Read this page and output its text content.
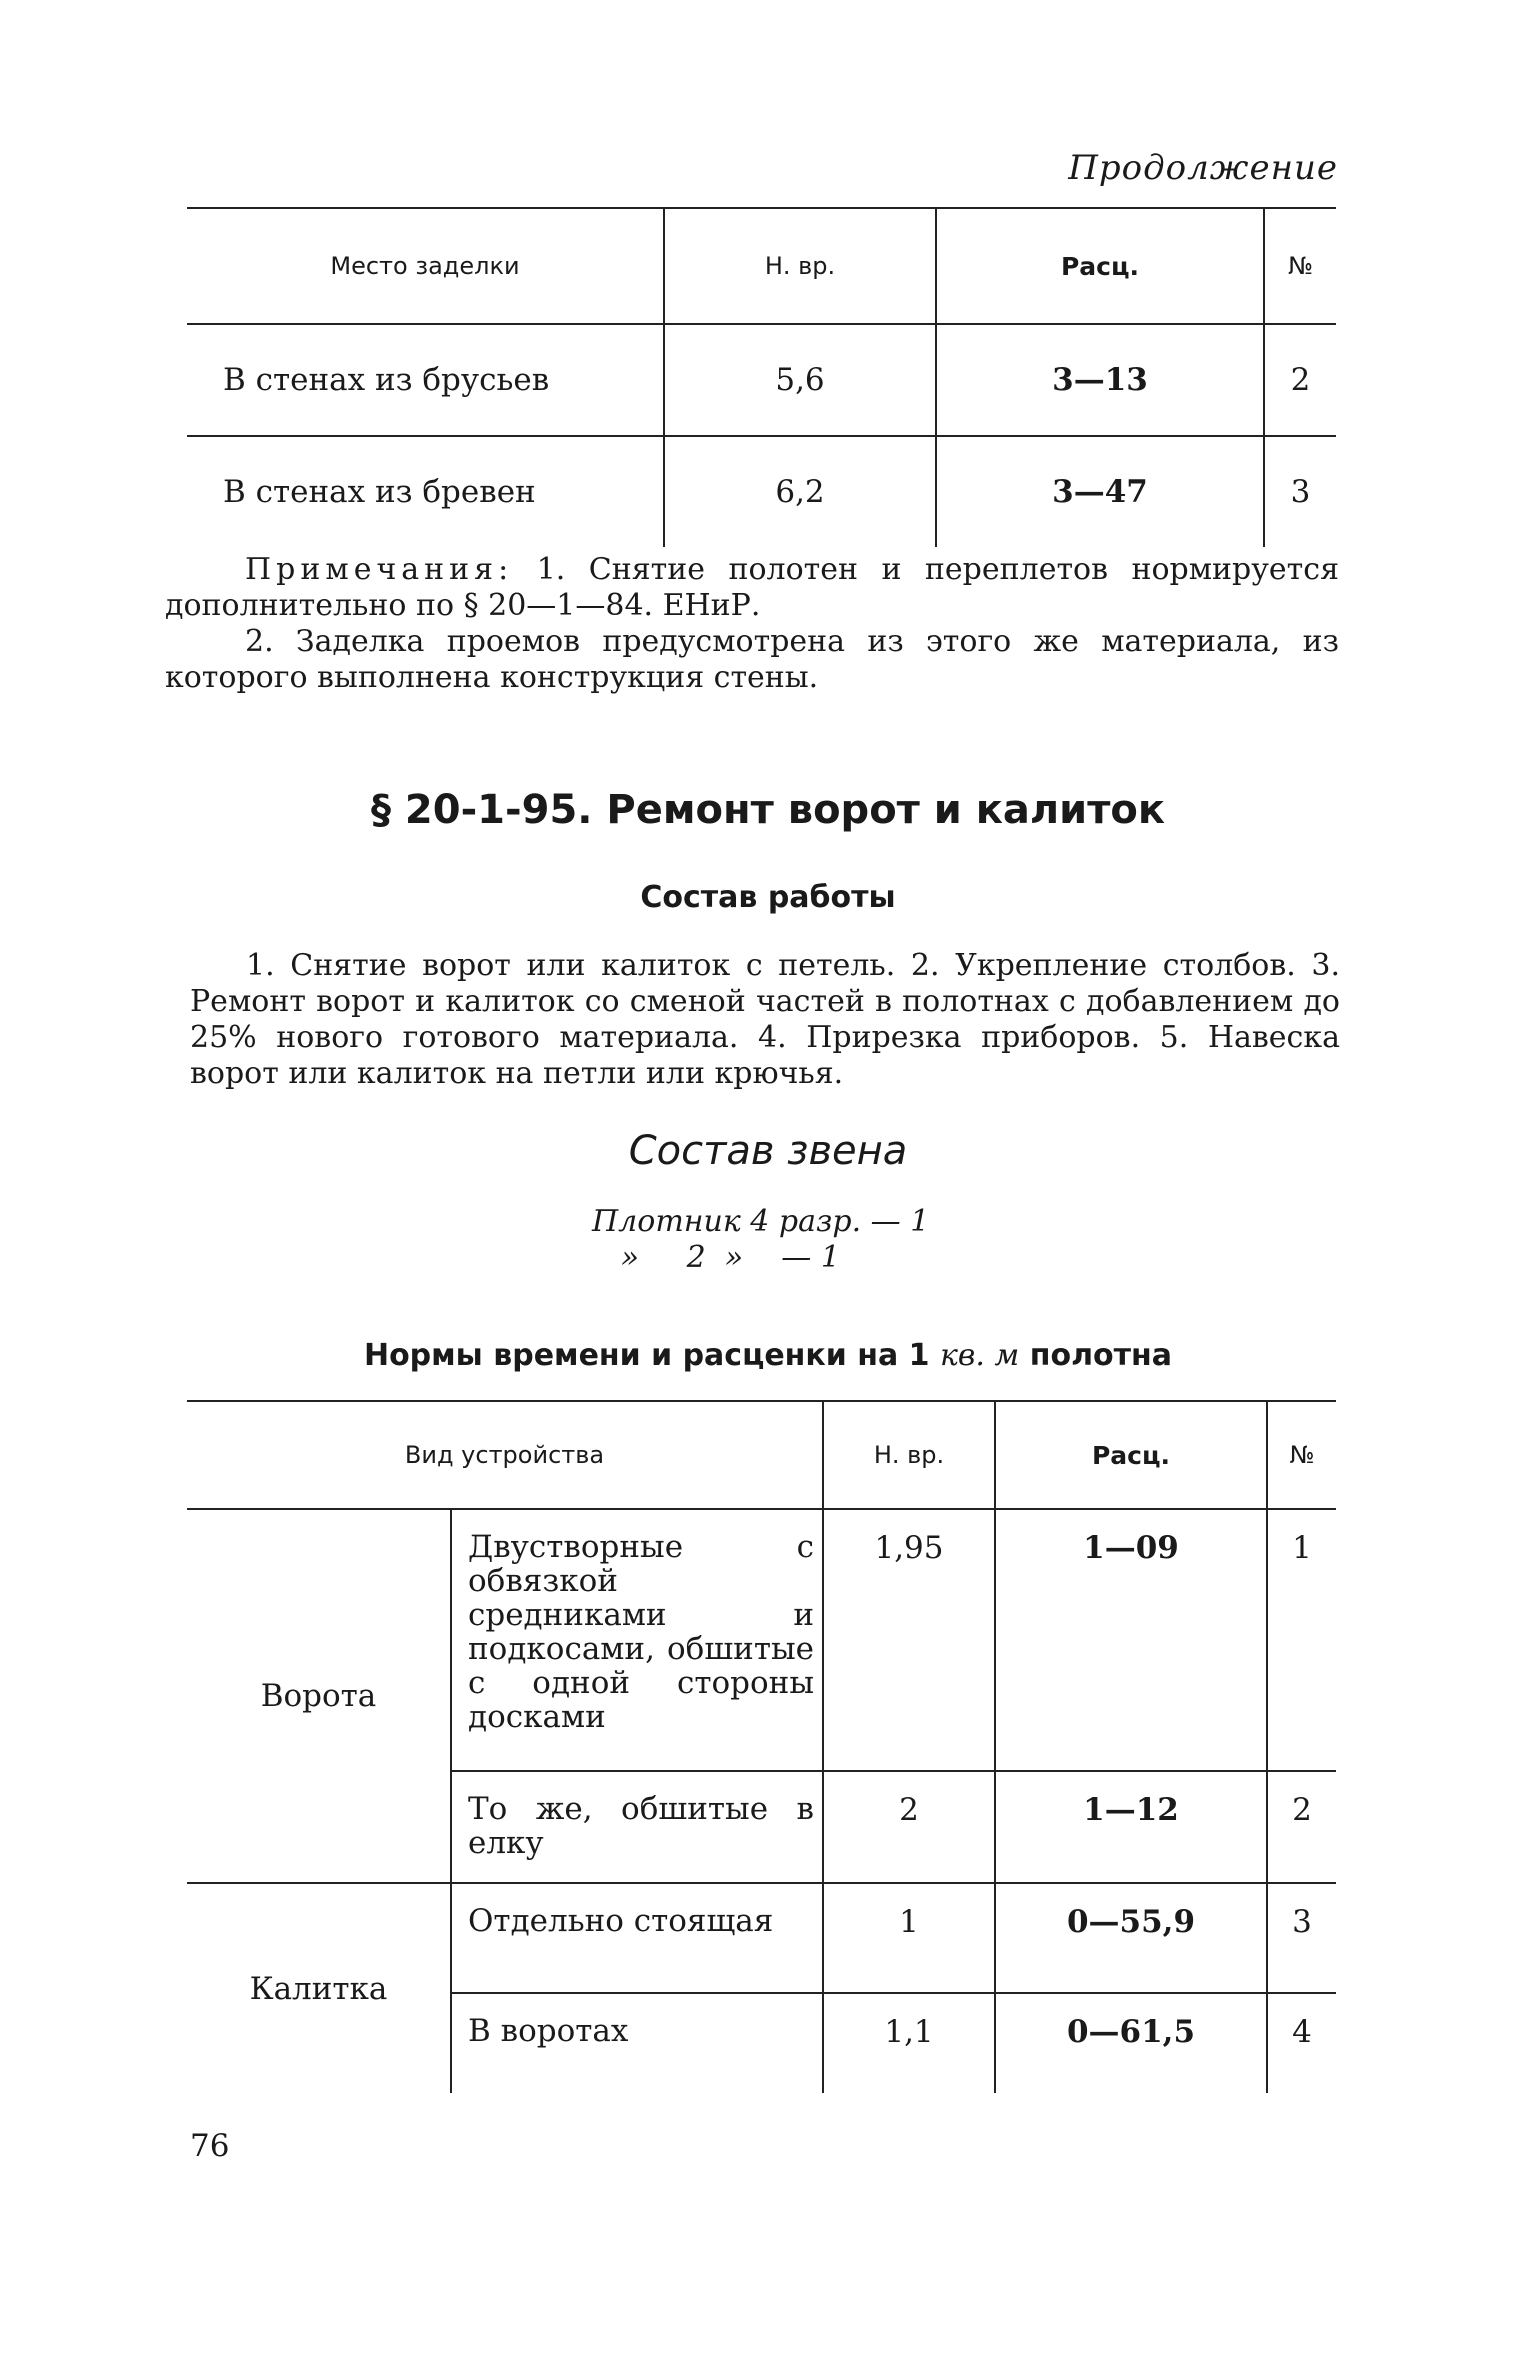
Продолжение
Место заделки	Н. вр.	Расц.	№
В стенах из брусьев	5,6	3—13	2
В стенах из бревен	6,2	3—47	3

Примечания: 1. Снятие полотен и переплетов нормируется дополнительно по § 20—1—84. ЕНиР.

2. Заделка проемов предусмотрена из этого же материала, из которого выполнена конструкция стены.

§ 20-1-95. Ремонт ворот и калиток
Состав работы

1. Снятие ворот или калиток с петель. 2. Укрепление столбов. 3. Ремонт ворот и калиток со сменой частей в полотнах с добавлением до 25% нового готового материала. 4. Прирезка приборов. 5. Навеска ворот или калиток на петли или крючья.

Состав звена
Плотник 4 разр. — 1
»     2  »    — 1
Нормы времени и расценки на 1 кв. м полотна
Вид устройства		Н. вр.	Расц.	№
Ворота	Двустворные с обвязкой средниками и подкосами, обшитые с одной стороны досками	1,95	1—09	1
	То же, обшитые в елку	2	1—12	2
Калитка	Отдельно стоящая	1	0—55,9	3
	В воротах	1,1	0—61,5	4
76
